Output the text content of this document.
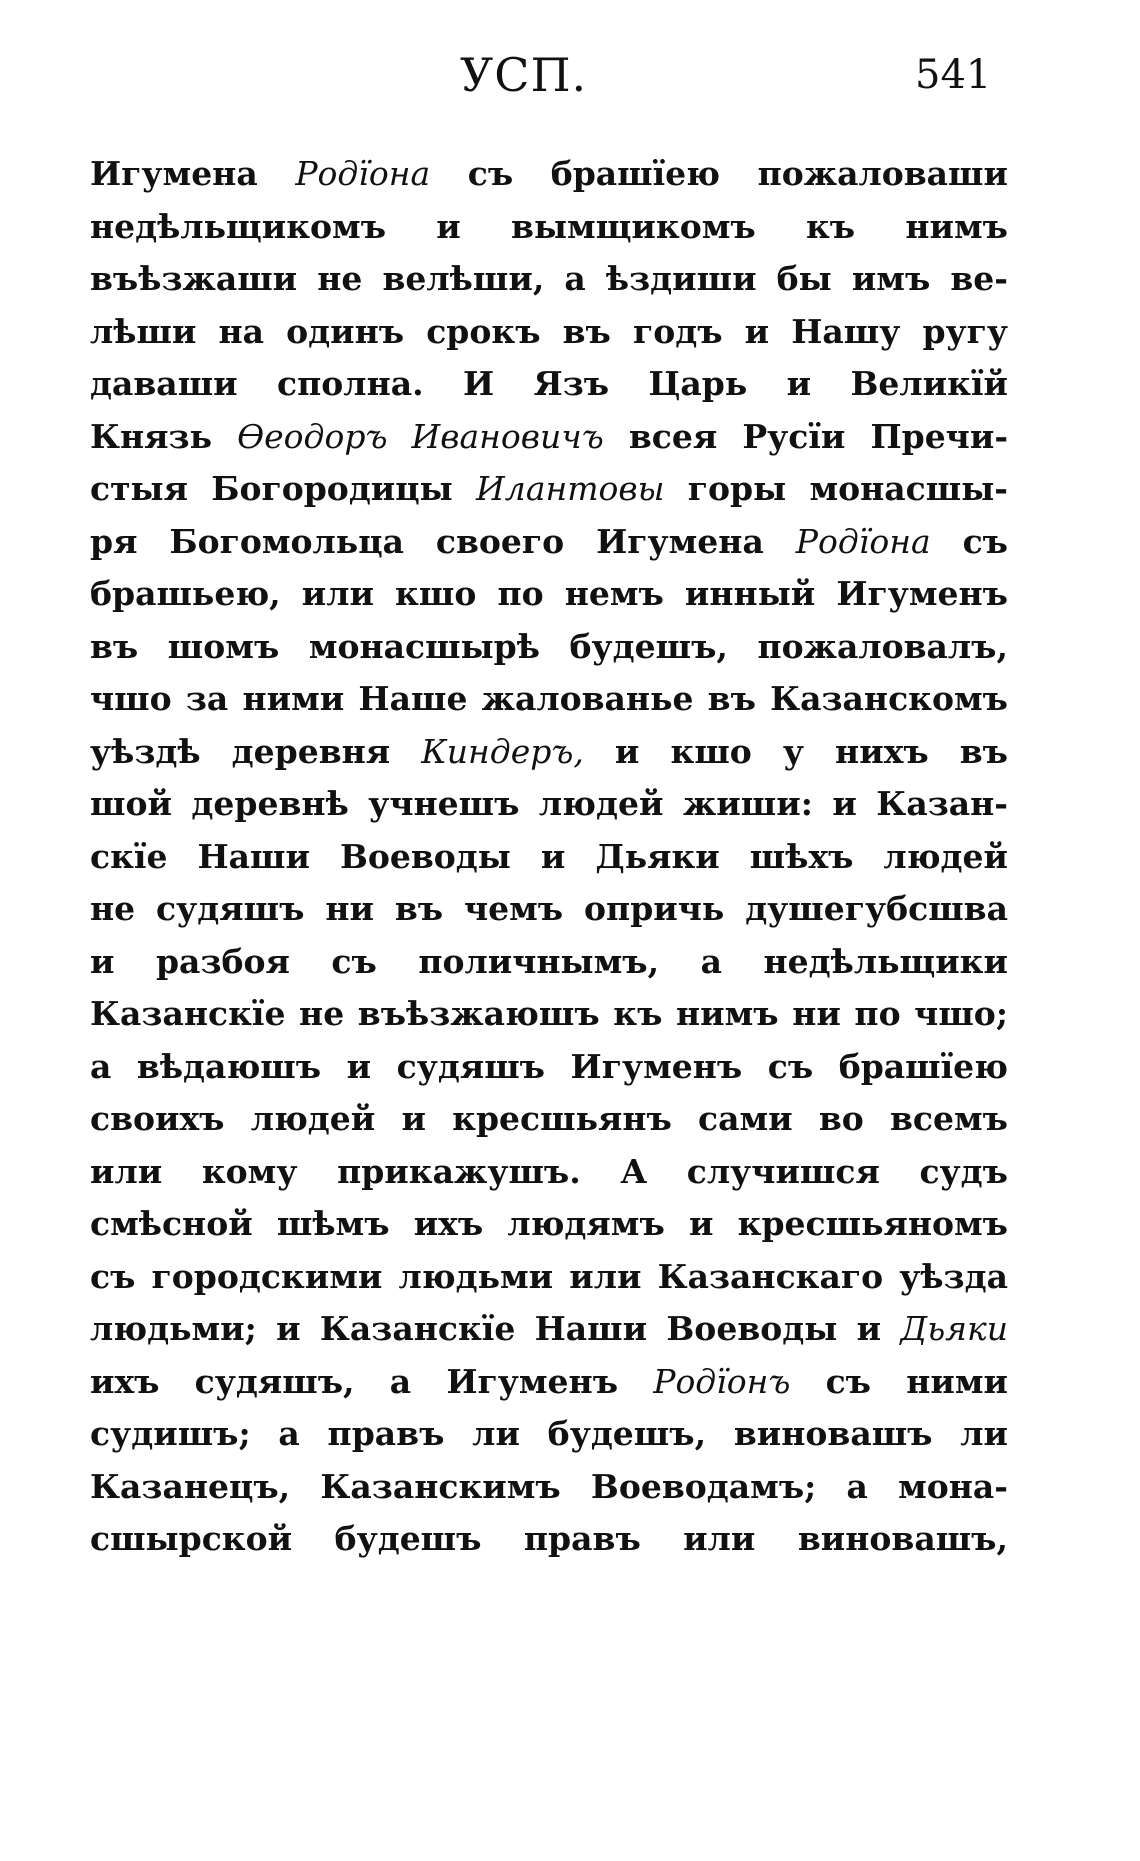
УСП.	541
Игумена Родїона съ брашїею пожаловаши
недѣльщикомъ и вымщикомъ къ нимъ
въѣзжаши не велѣши, а ѣздиши бы имъ ве-
лѣши на одинъ срокъ въ годъ и Нашу ругу
даваши сполна. И Язъ Царь и Великїй
Князь Өеодоръ Ивановичъ всея Русїи Пречи-
стыя Богородицы Илантовы горы монасшы-
ря Богомольца своего Игумена Родїона съ
брашьею, или кшо по немъ инный Игуменъ
въ шомъ монасшырѣ будешъ, пожаловалъ,
чшо за ними Наше жалованье въ Казанскомъ
уѣздѣ деревня Киндеръ, и кшо у нихъ въ
шой деревнѣ учнешъ людей жиши: и Казан-
скїе Наши Воеводы и Дьяки шѣхъ людей
не судяшъ ни въ чемъ опричь душегубсшва
и разбоя съ поличнымъ, а недѣльщики
Казанскїе не въѣзжаюшъ къ нимъ ни по чшо;
а вѣдаюшъ и судяшъ Игуменъ съ брашїею
своихъ людей и кресшьянъ сами во всемъ
или кому прикажушъ. А случишся судъ
смѣсной шѣмъ ихъ людямъ и кресшьяномъ
съ городскими людьми или Казанскаго уѣзда
людьми; и Казанскїе Наши Воеводы и Дьяки
ихъ судяшъ, а Игуменъ Родїонъ съ ними
судишъ; а правъ ли будешъ, виновашъ ли
Казанецъ, Казанскимъ Воеводамъ; а мона-
сшырской будешъ правъ или виновашъ,
